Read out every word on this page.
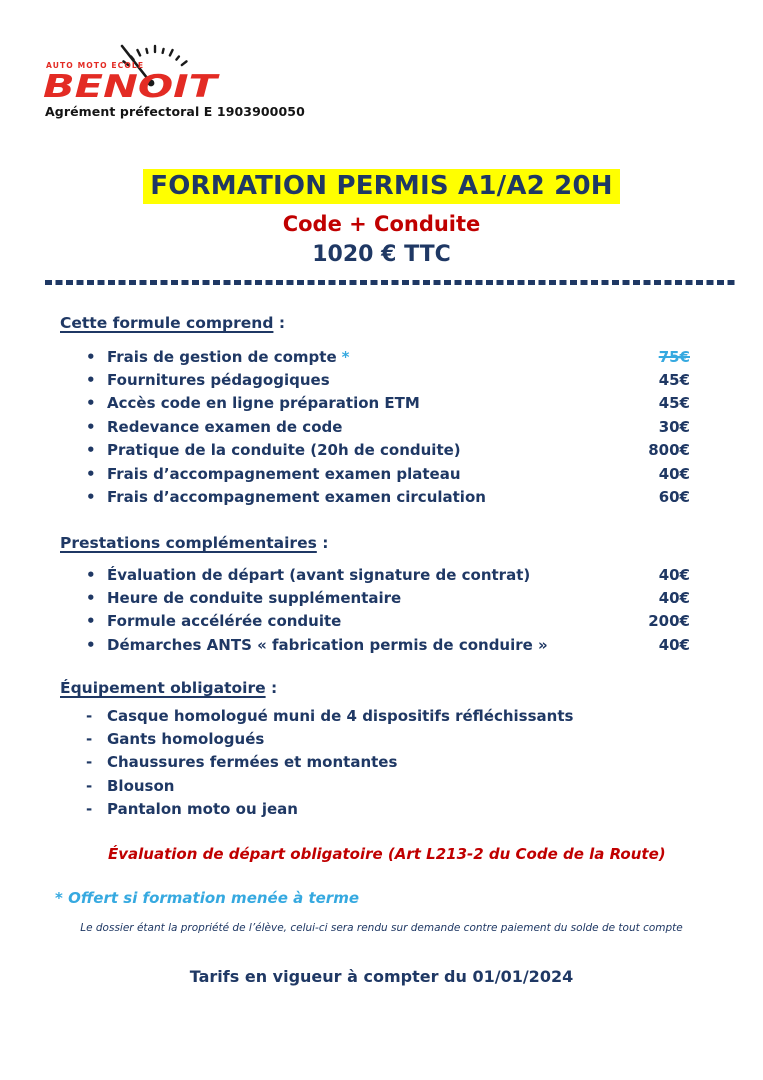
AUTO MOTO ECOLE
BENOIT
Agrément préfectoral E 1903900050
FORMATION PERMIS A1/A2 20H
Code + Conduite
1020 € TTC
Cette formule comprend :
• Frais de gestion de compte *	75€
• Fournitures pédagogiques	45€
• Accès code en ligne préparation ETM	45€
• Redevance examen de code	30€
• Pratique de la conduite (20h de conduite)	800€
• Frais d’accompagnement examen plateau	40€
• Frais d’accompagnement examen circulation	60€
Prestations complémentaires :
• Évaluation de départ (avant signature de contrat)	40€
• Heure de conduite supplémentaire	40€
• Formule accélérée conduite	200€
• Démarches ANTS « fabrication permis de conduire »	40€
Équipement obligatoire :
- Casque homologué muni de 4 dispositifs réfléchissants
- Gants homologués
- Chaussures fermées et montantes
- Blouson
- Pantalon moto ou jean
Évaluation de départ obligatoire (Art L213-2 du Code de la Route)
* Offert si formation menée à terme
Le dossier étant la propriété de l’élève, celui-ci sera rendu sur demande contre paiement du solde de tout compte
Tarifs en vigueur à compter du 01/01/2024
